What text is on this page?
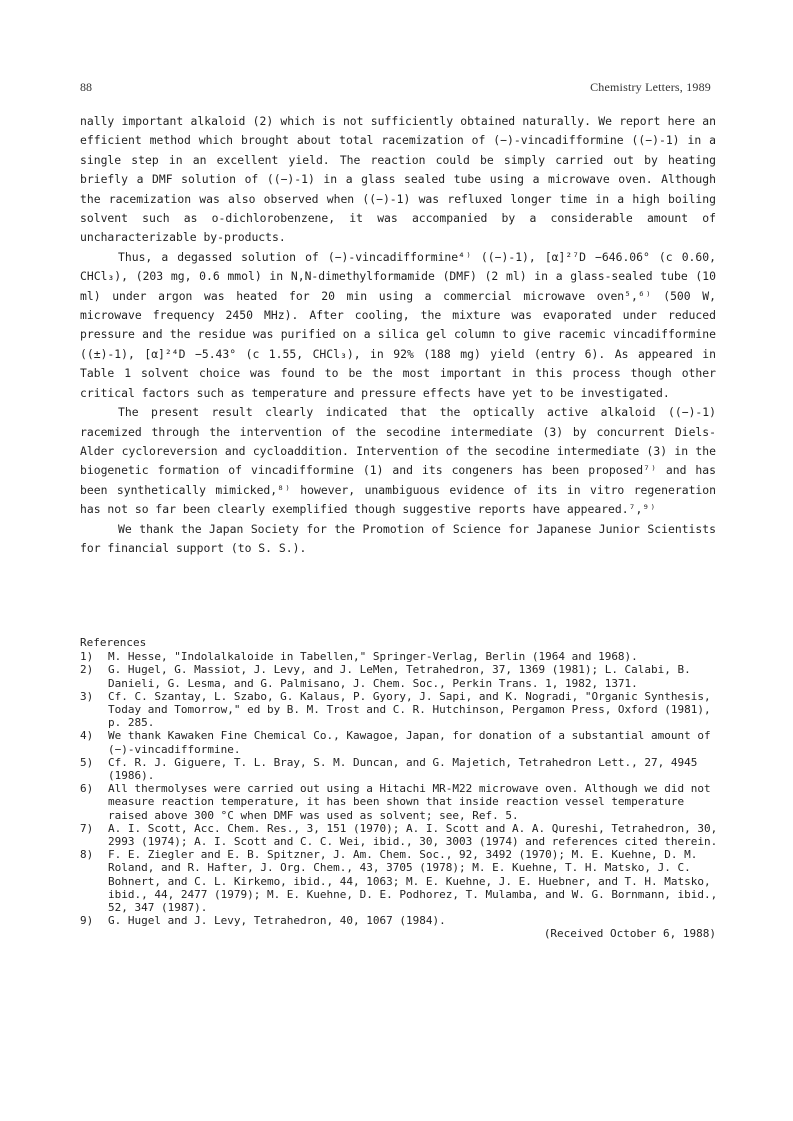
88	Chemistry Letters, 1989

nally important alkaloid (2) which is not sufficiently obtained naturally. We report here an efficient method which brought about total racemization of (−)-vincadifformine ((−)-1) in a single step in an excellent yield. The reaction could be simply carried out by heating briefly a DMF solution of ((−)-1) in a glass sealed tube using a microwave oven. Although the racemization was also observed when ((−)-1) was refluxed longer time in a high boiling solvent such as o-dichlorobenzene, it was accompanied by a considerable amount of uncharacterizable by-products.

Thus, a degassed solution of (−)-vincadifformine⁴⁾ ((−)-1), [α]²⁷D −646.06° (c 0.60, CHCl₃), (203 mg, 0.6 mmol) in N,N-dimethylformamide (DMF) (2 ml) in a glass-sealed tube (10 ml) under argon was heated for 20 min using a commercial microwave oven⁵,⁶⁾ (500 W, microwave frequency 2450 MHz). After cooling, the mixture was evaporated under reduced pressure and the residue was purified on a silica gel column to give racemic vincadifformine ((±)-1), [α]²⁴D −5.43° (c 1.55, CHCl₃), in 92% (188 mg) yield (entry 6). As appeared in Table 1 solvent choice was found to be the most important in this process though other critical factors such as temperature and pressure effects have yet to be investigated.

The present result clearly indicated that the optically active alkaloid ((−)-1) racemized through the intervention of the secodine intermediate (3) by concurrent Diels-Alder cycloreversion and cycloaddition. Intervention of the secodine intermediate (3) in the biogenetic formation of vincadifformine (1) and its congeners has been proposed⁷⁾ and has been synthetically mimicked,⁸⁾ however, unambiguous evidence of its in vitro regeneration has not so far been clearly exemplified though suggestive reports have appeared.⁷,⁹⁾

We thank the Japan Society for the Promotion of Science for Japanese Junior Scientists for financial support (to S. S.).

References
1)	M. Hesse, "Indolalkaloide in Tabellen," Springer-Verlag, Berlin (1964 and 1968).
2)	G. Hugel, G. Massiot, J. Levy, and J. LeMen, Tetrahedron, 37, 1369 (1981); L. Calabi, B. Danieli, G. Lesma, and G. Palmisano, J. Chem. Soc., Perkin Trans. 1, 1982, 1371.
3)	Cf. C. Szantay, L. Szabo, G. Kalaus, P. Gyory, J. Sapi, and K. Nogradi, "Organic Synthesis, Today and Tomorrow," ed by B. M. Trost and C. R. Hutchinson, Pergamon Press, Oxford (1981), p. 285.
4)	We thank Kawaken Fine Chemical Co., Kawagoe, Japan, for donation of a substantial amount of (−)-vincadifformine.
5)	Cf. R. J. Giguere, T. L. Bray, S. M. Duncan, and G. Majetich, Tetrahedron Lett., 27, 4945 (1986).
6)	All thermolyses were carried out using a Hitachi MR-M22 microwave oven. Although we did not measure reaction temperature, it has been shown that inside reaction vessel temperature raised above 300 °C when DMF was used as solvent; see, Ref. 5.
7)	A. I. Scott, Acc. Chem. Res., 3, 151 (1970); A. I. Scott and A. A. Qureshi, Tetrahedron, 30, 2993 (1974); A. I. Scott and C. C. Wei, ibid., 30, 3003 (1974) and references cited therein.
8)	F. E. Ziegler and E. B. Spitzner, J. Am. Chem. Soc., 92, 3492 (1970); M. E. Kuehne, D. M. Roland, and R. Hafter, J. Org. Chem., 43, 3705 (1978); M. E. Kuehne, T. H. Matsko, J. C. Bohnert, and C. L. Kirkemo, ibid., 44, 1063; M. E. Kuehne, J. E. Huebner, and T. H. Matsko, ibid., 44, 2477 (1979); M. E. Kuehne, D. E. Podhorez, T. Mulamba, and W. G. Bornmann, ibid., 52, 347 (1987).
9)	G. Hugel and J. Levy, Tetrahedron, 40, 1067 (1984).
(Received October 6, 1988)
